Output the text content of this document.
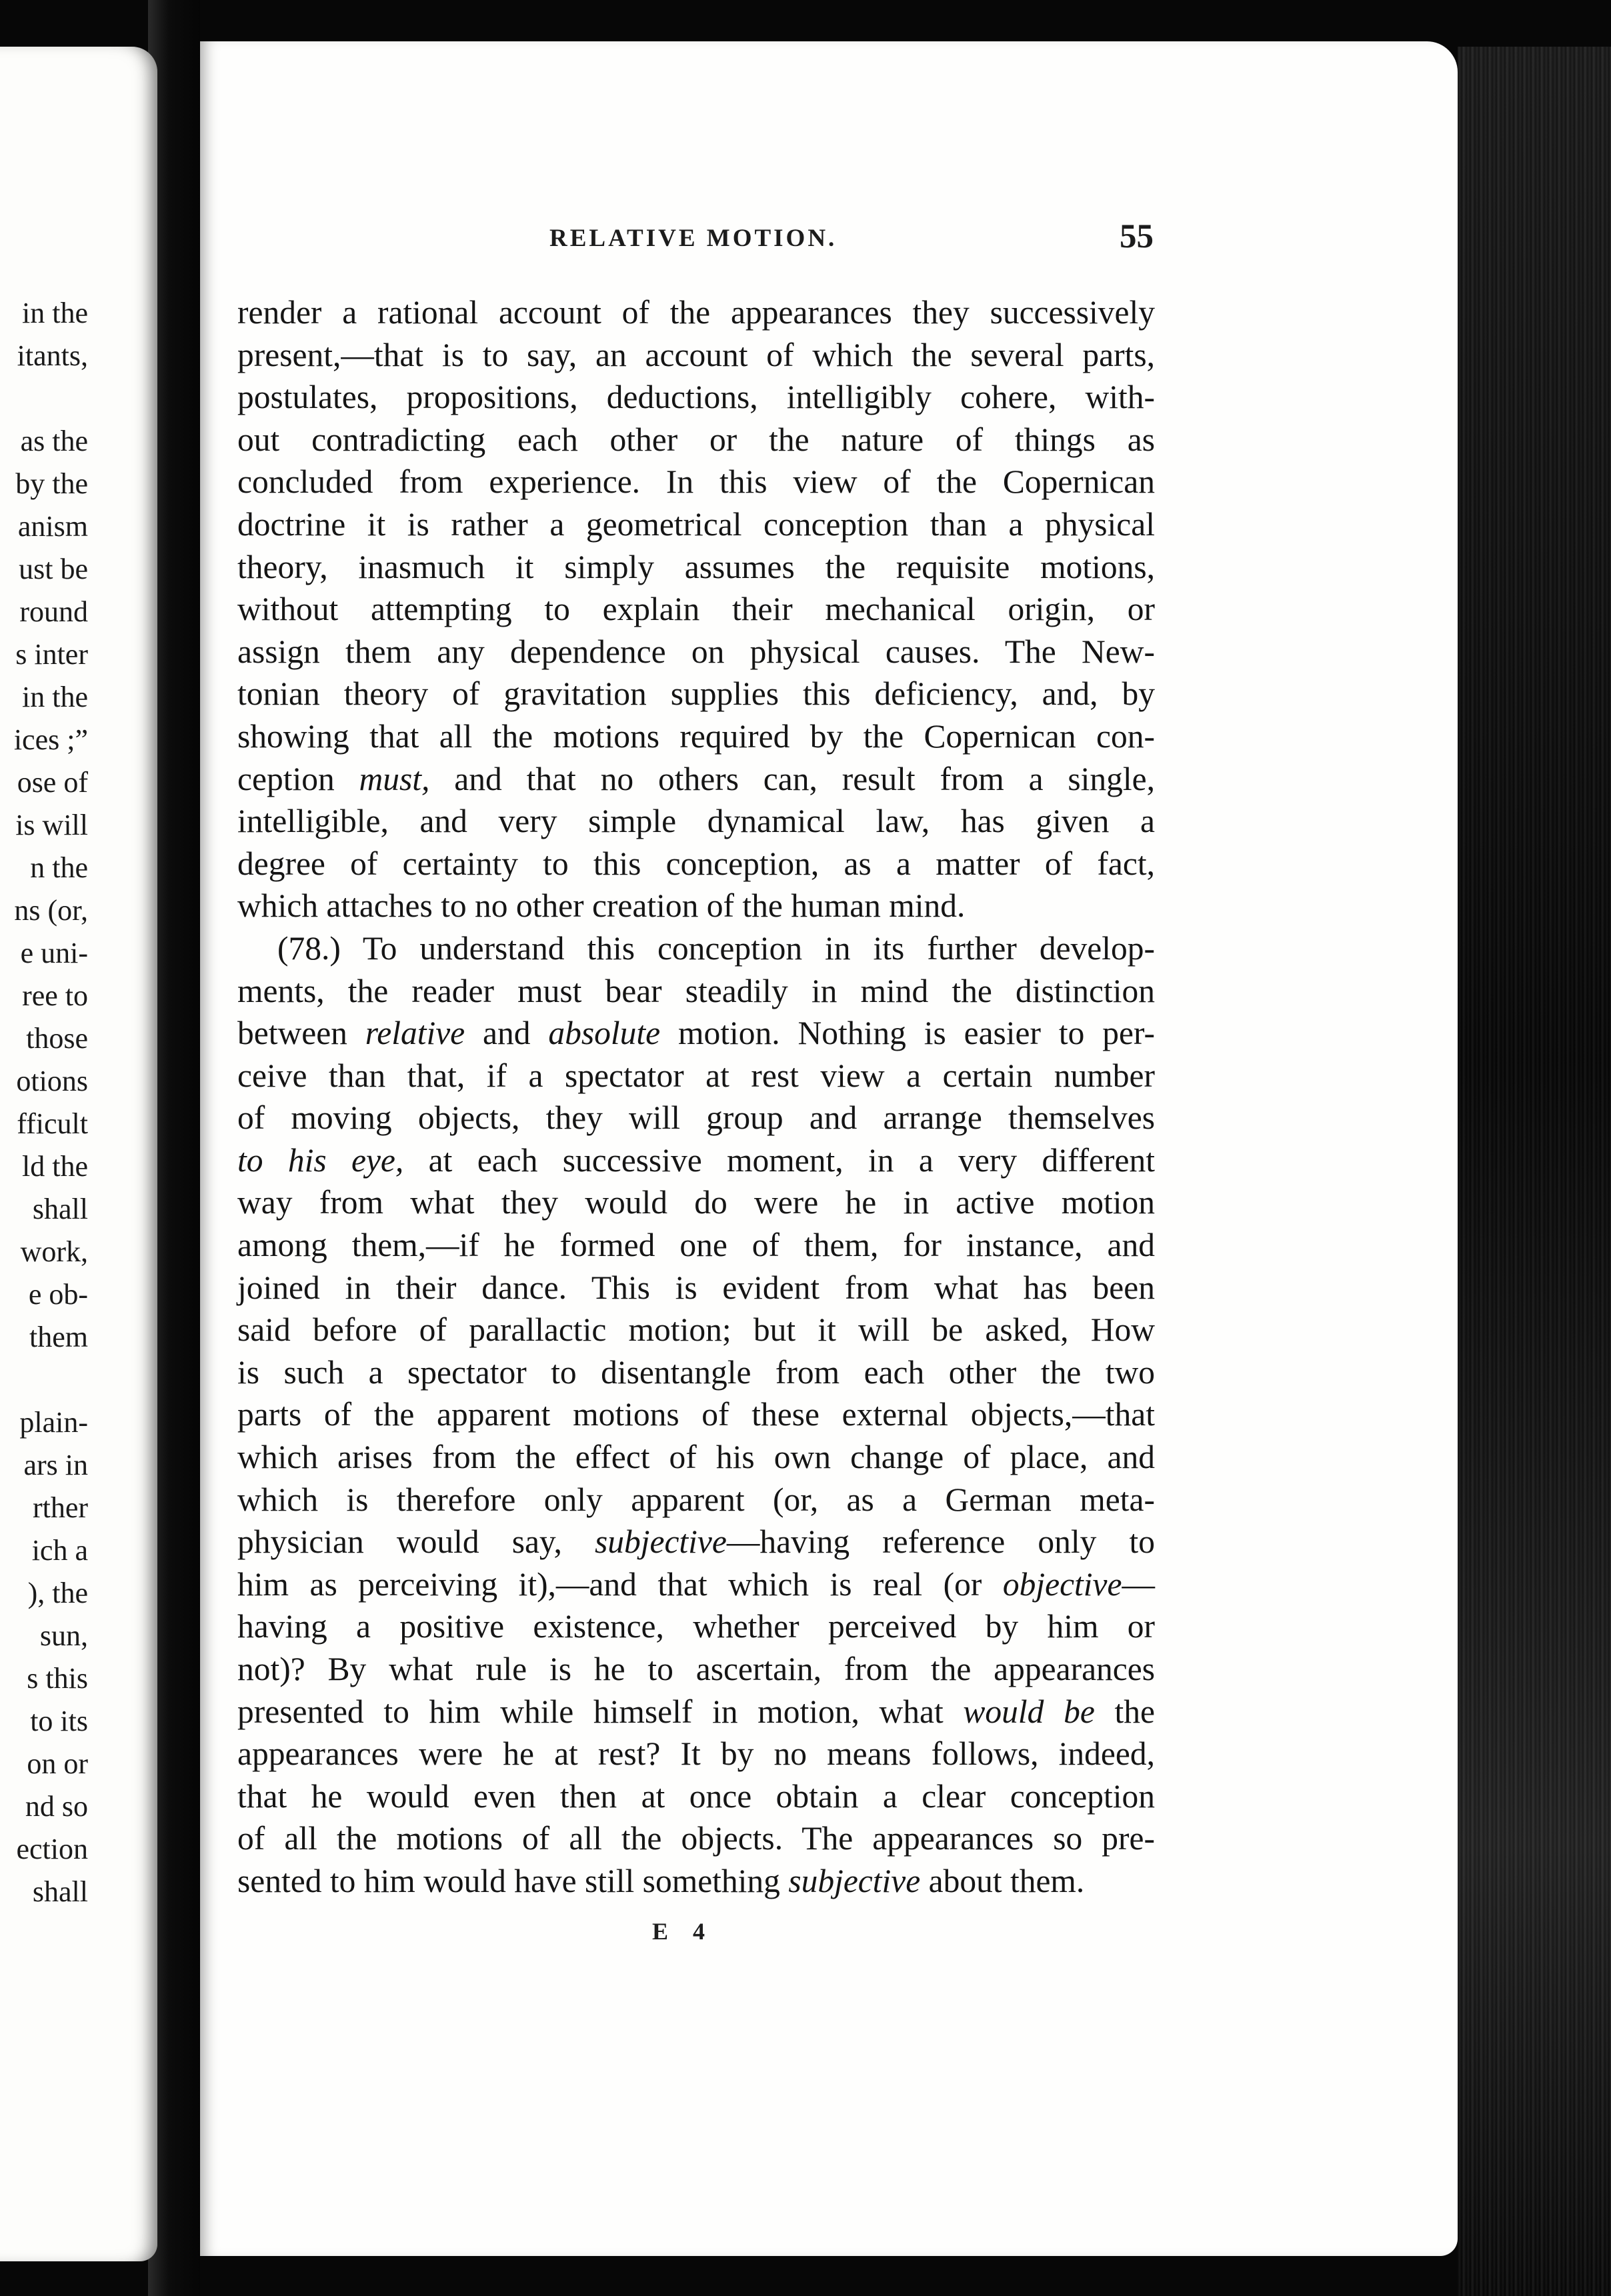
in the
itants,
as the
by the
anism
ust be
round
s inter
in the
ices ;”
ose of
is will
n the
ns (or,
e uni-
ree to
those
otions
fficult
ld the
shall
work,
e ob-
them
plain-
ars in
rther
ich a
), the
sun,
s this
to its
on or
nd so
ection
shall
RELATIVE MOTION.	55
render a rational account of the appearances they successively
present,—that is to say, an account of which the several parts,
postulates, propositions, deductions, intelligibly cohere, with-
out contradicting each other or the nature of things as
concluded from experience. In this view of the Copernican
doctrine it is rather a geometrical conception than a physical
theory, inasmuch it simply assumes the requisite motions,
without attempting to explain their mechanical origin, or
assign them any dependence on physical causes. The New-
tonian theory of gravitation supplies this deficiency, and, by
showing that all the motions required by the Copernican con-
ception must, and that no others can, result from a single,
intelligible, and very simple dynamical law, has given a
degree of certainty to this conception, as a matter of fact,
which attaches to no other creation of the human mind.
(78.) To understand this conception in its further develop-
ments, the reader must bear steadily in mind the distinction
between relative and absolute motion. Nothing is easier to per-
ceive than that, if a spectator at rest view a certain number
of moving objects, they will group and arrange themselves
to his eye, at each successive moment, in a very different
way from what they would do were he in active motion
among them,—if he formed one of them, for instance, and
joined in their dance. This is evident from what has been
said before of parallactic motion; but it will be asked, How
is such a spectator to disentangle from each other the two
parts of the apparent motions of these external objects,—that
which arises from the effect of his own change of place, and
which is therefore only apparent (or, as a German meta-
physician would say, subjective—having reference only to
him as perceiving it),—and that which is real (or objective—
having a positive existence, whether perceived by him or
not)? By what rule is he to ascertain, from the appearances
presented to him while himself in motion, what would be the
appearances were he at rest? It by no means follows, indeed,
that he would even then at once obtain a clear conception
of all the motions of all the objects. The appearances so pre-
sented to him would have still something subjective about them.
E 4
